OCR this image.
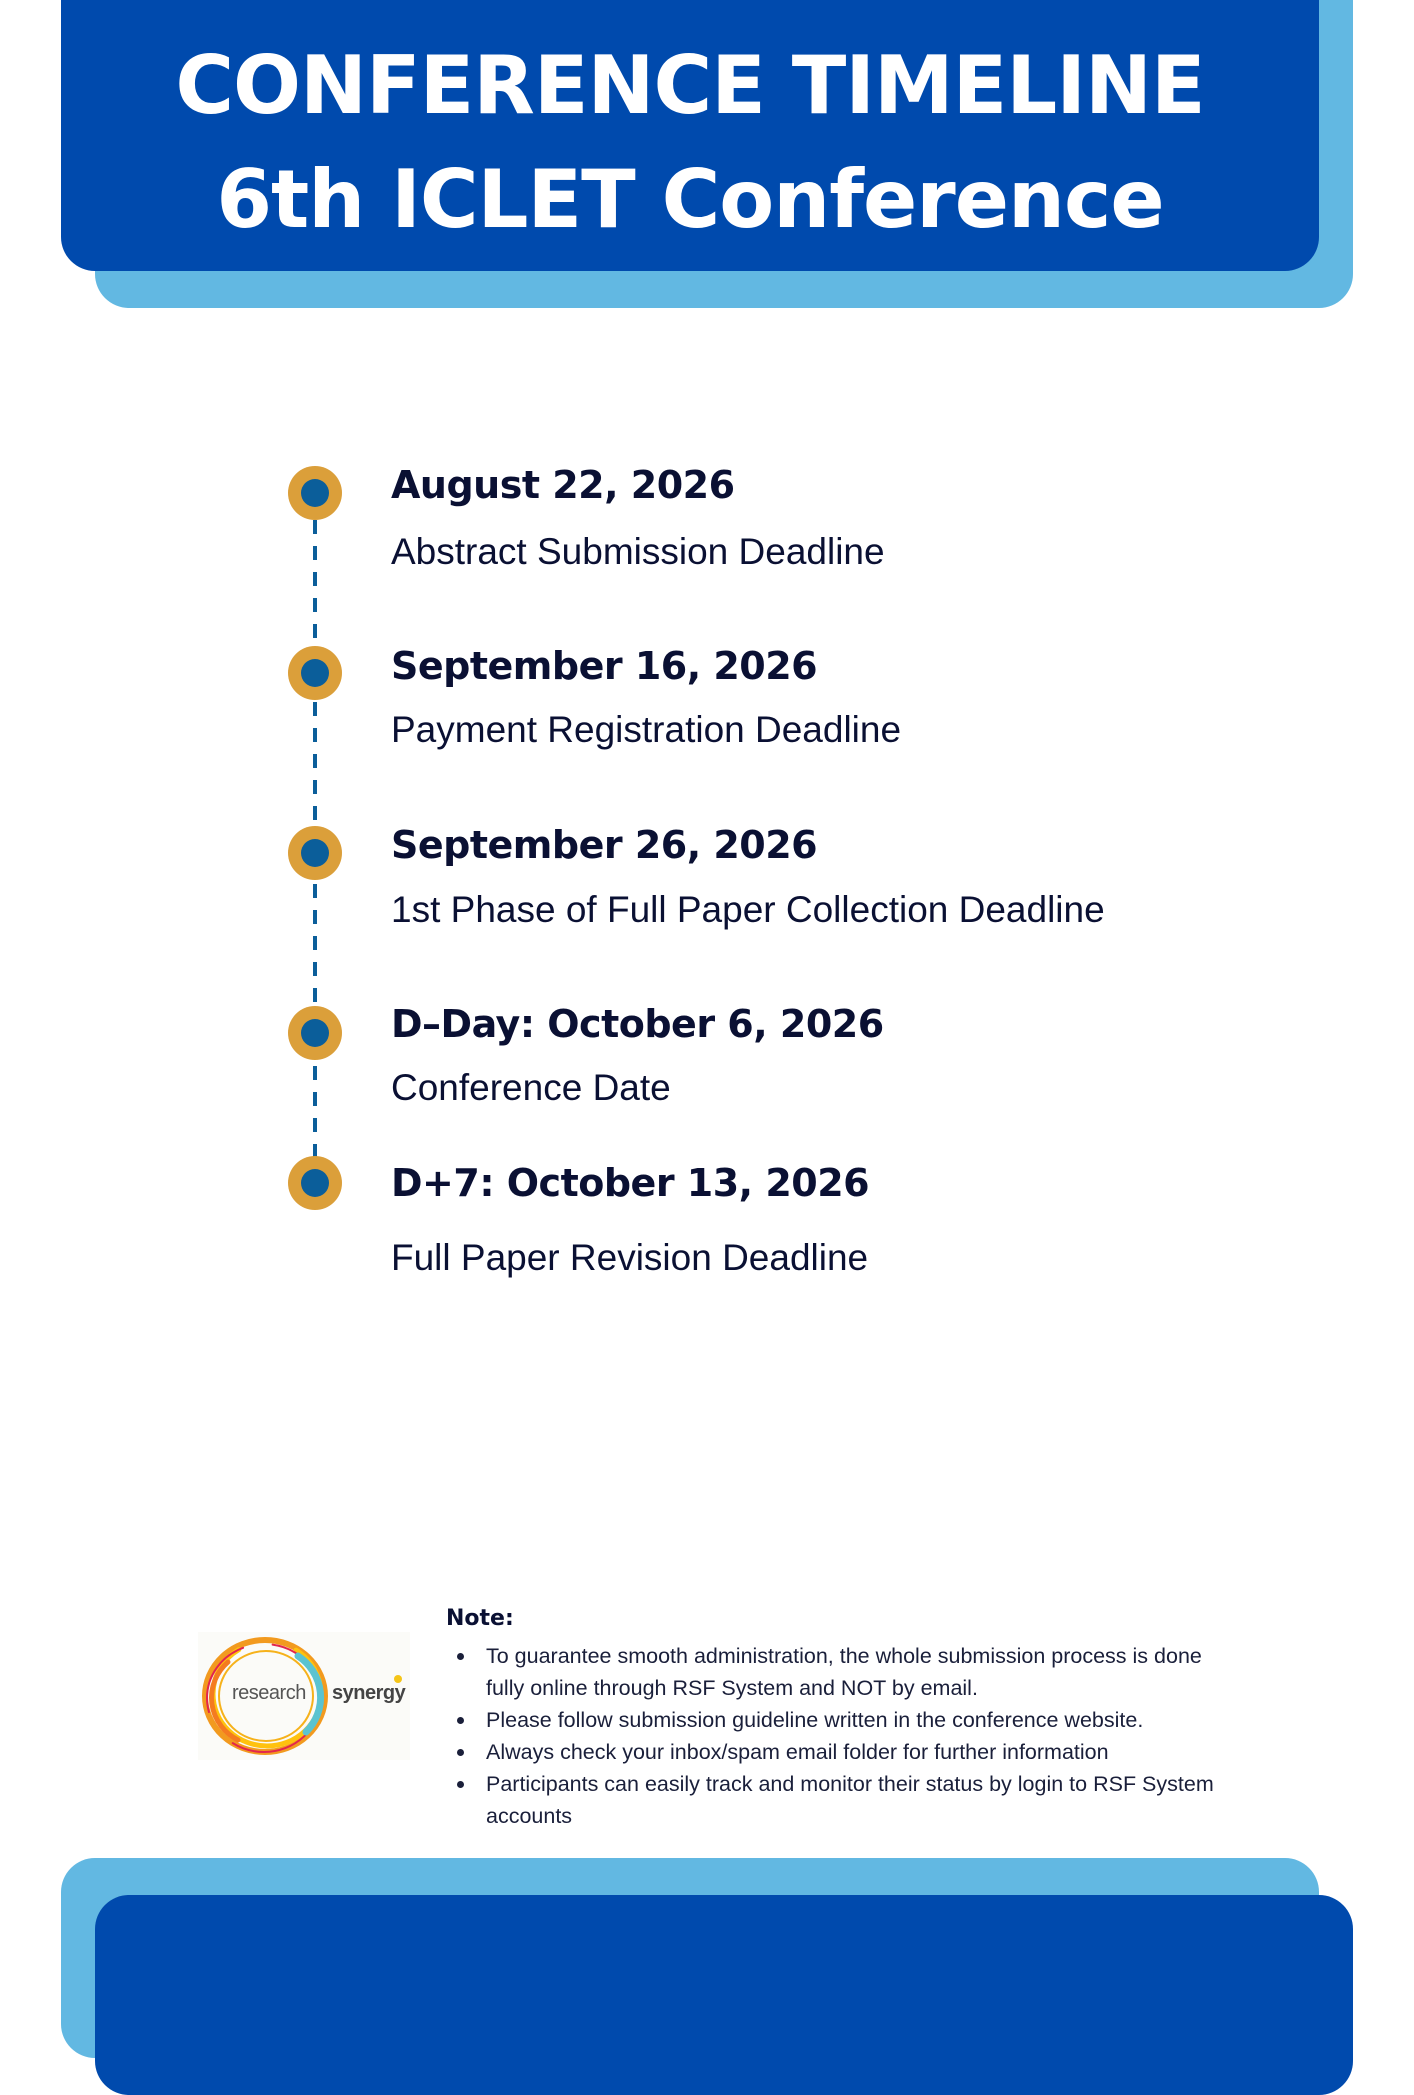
CONFERENCE TIMELINE
6th ICLET Conference
August 22, 2026
Abstract Submission Deadline
September 16, 2026
Payment Registration Deadline
September 26, 2026
1st Phase of Full Paper Collection Deadline
D–Day: October 6, 2026
Conference Date
D+7: October 13, 2026
Full Paper Revision Deadline
research synergy
Note:
To guarantee smooth administration, the whole submission process is done fully online through RSF System and NOT by email.
Please follow submission guideline written in the conference website.
Always check your inbox/spam email folder for further information
Participants can easily track and monitor their status by login to RSF System accounts
